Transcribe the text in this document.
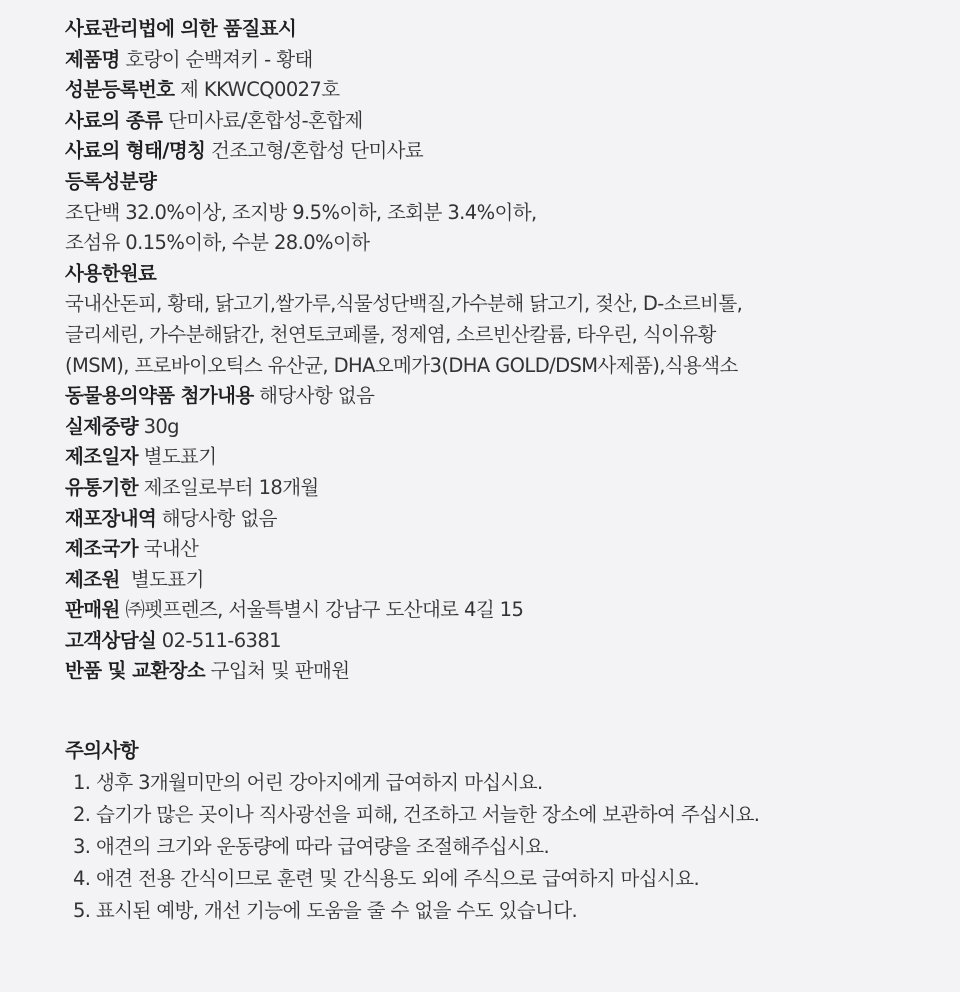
사료관리법에 의한 품질표시
제품명 호랑이 순백져키 - 황태
성분등록번호 제 KKWCQ0027호
사료의 종류 단미사료/혼합성-혼합제
사료의 형태/명칭 건조고형/혼합성 단미사료
등록성분량
조단백 32.0%이상, 조지방 9.5%이하, 조회분 3.4%이하,
조섬유 0.15%이하, 수분 28.0%이하
사용한원료
국내산돈피, 황태, 닭고기,쌀가루,식물성단백질,가수분해 닭고기, 젖산, D-소르비톨,
글리세린, 가수분해닭간, 천연토코페롤, 정제염, 소르빈산칼륨, 타우린, 식이유황
(MSM), 프로바이오틱스 유산균, DHA오메가3(DHA GOLD/DSM사제품),식용색소
동물용의약품 첨가내용 해당사항 없음
실제중량 30g
제조일자 별도표기
유통기한 제조일로부터 18개월
재포장내역 해당사항 없음
제조국가 국내산
제조원  별도표기
판매원 ㈜펫프렌즈, 서울특별시 강남구 도산대로 4길 15
고객상담실 02-511-6381
반품 및 교환장소 구입처 및 판매원
주의사항
1. 생후 3개월미만의 어린 강아지에게 급여하지 마십시요.
2. 습기가 많은 곳이나 직사광선을 피해, 건조하고 서늘한 장소에 보관하여 주십시요.
3. 애견의 크기와 운동량에 따라 급여량을 조절해주십시요.
4. 애견 전용 간식이므로 훈련 및 간식용도 외에 주식으로 급여하지 마십시요.
5. 표시된 예방, 개선 기능에 도움을 줄 수 없을 수도 있습니다.
